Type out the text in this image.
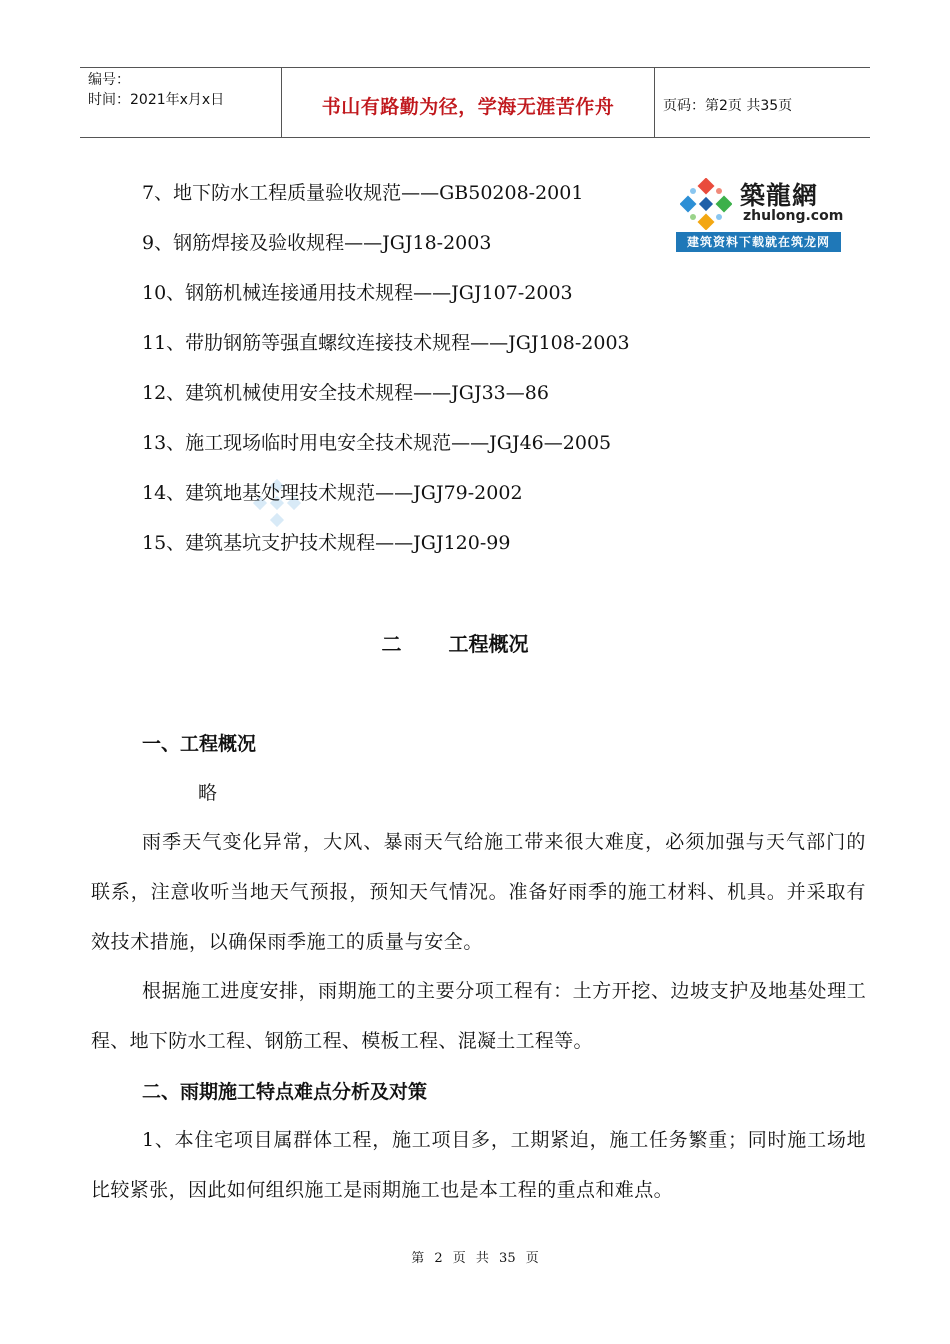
编号：
时间：2021年x月x日	书山有路勤为径，学海无涯苦作舟	页码：第2页 共35页
築龍網
zhulong.com
建筑资料下载就在筑龙网
7、地下防水工程质量验收规范——GB50208-2001
9、钢筋焊接及验收规程——JGJ18-2003
10、钢筋机械连接通用技术规程——JGJ107-2003
11、带肋钢筋等强直螺纹连接技术规程——JGJ108-2003
12、建筑机械使用安全技术规程——JGJ33—86
13、施工现场临时用电安全技术规范——JGJ46—2005
14、建筑地基处理技术规范——JGJ79-2002
15、建筑基坑支护技术规程——JGJ120-99
二 工程概况
一、工程概况
略

雨季天气变化异常，大风、暴雨天气给施工带来很大难度，必须加强与天气部门的联系，注意收听当地天气预报，预知天气情况。准备好雨季的施工材料、机具。并采取有效技术措施，以确保雨季施工的质量与安全。

根据施工进度安排，雨期施工的主要分项工程有：土方开挖、边坡支护及地基处理工程、地下防水工程、钢筋工程、模板工程、混凝土工程等。

二、雨期施工特点难点分析及对策

1、本住宅项目属群体工程，施工项目多，工期紧迫，施工任务繁重；同时施工场地比较紧张，因此如何组织施工是雨期施工也是本工程的重点和难点。

第 2 页 共 35 页
